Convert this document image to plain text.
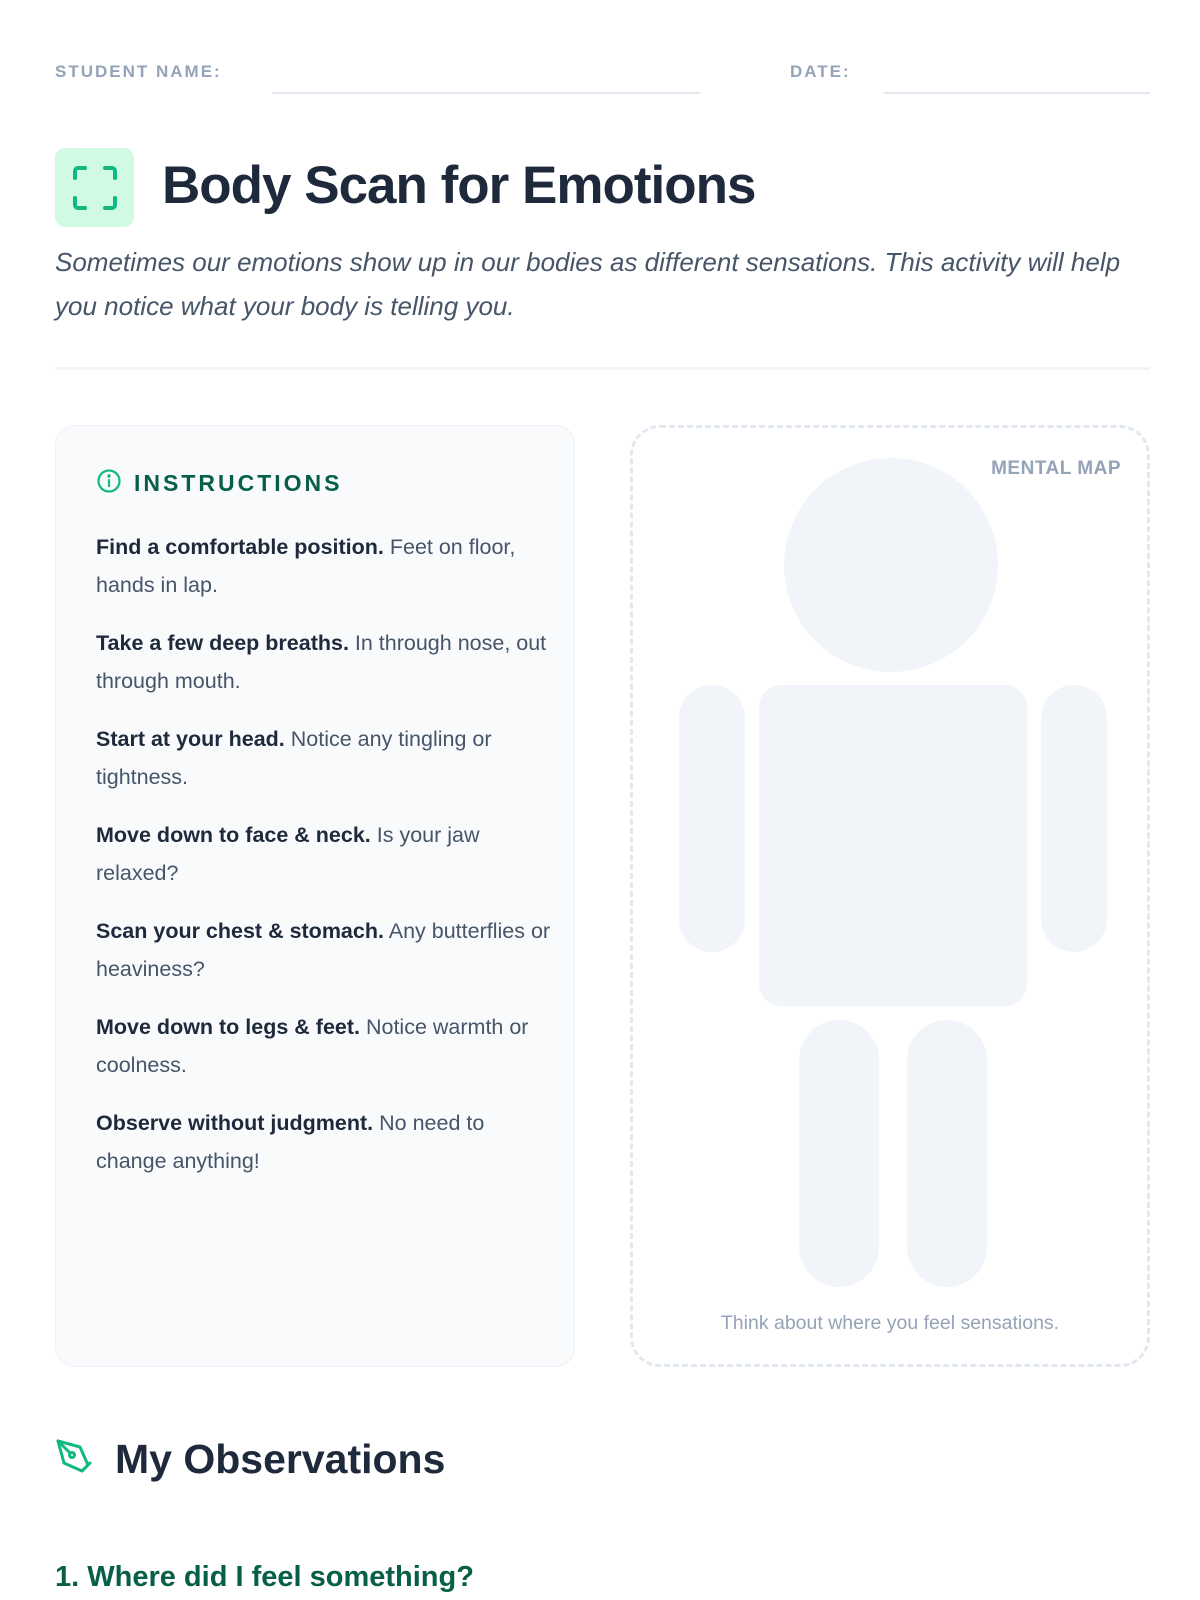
STUDENT NAME:	DATE:
Body Scan for Emotions

Sometimes our emotions show up in our bodies as different sensations. This activity will help you notice what your body is telling you.

INSTRUCTIONS
Find a comfortable position. Feet on floor, hands in lap.
Take a few deep breaths. In through nose, out through mouth.
Start at your head. Notice any tingling or tightness.
Move down to face & neck. Is your jaw relaxed?
Scan your chest & stomach. Any butterflies or heaviness?
Move down to legs & feet. Notice warmth or coolness.
Observe without judgment. No need to change anything!
MENTAL MAP
Think about where you feel sensations.
My Observations
1. Where did I feel something?
